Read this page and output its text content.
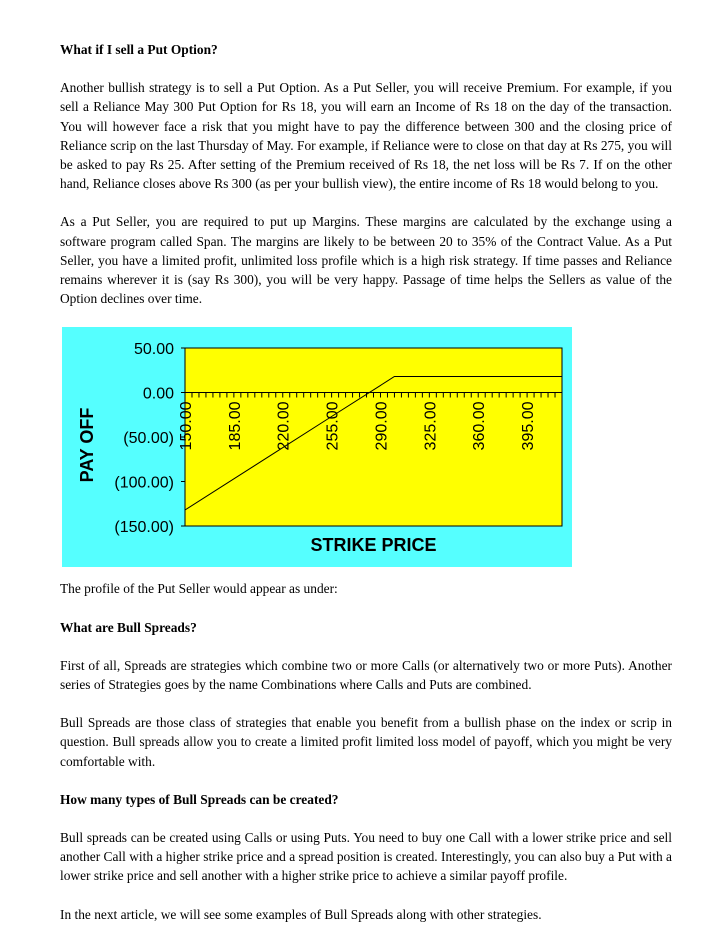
What if I sell a Put Option?

Another bullish strategy is to sell a Put Option. As a Put Seller, you will receive Premium. For example, if you sell a Reliance May 300 Put Option for Rs 18, you will earn an Income of Rs 18 on the day of the transaction. You will however face a risk that you might have to pay the difference between 300 and the closing price of Reliance scrip on the last Thursday of May. For example, if Reliance were to close on that day at Rs 275, you will be asked to pay Rs 25. After setting of the Premium received of Rs 18, the net loss will be Rs 7. If on the other hand, Reliance closes above Rs 300 (as per your bullish view), the entire income of Rs 18 would belong to you.

As a Put Seller, you are required to put up Margins. These margins are calculated by the exchange using a software program called Span. The margins are likely to be between 20 to 35% of the Contract Value. As a Put Seller, you have a limited profit, unlimited loss profile which is a high risk strategy. If time passes and Reliance remains wherever it is (say Rs 300), you will be very happy. Passage of time helps the Sellers as value of the Option declines over time.

50.00
0.00
(50.00)
(100.00)
(150.00)
150.00 185.00 220.00 255.00 290.00 325.00 360.00 395.00
PAY OFF
STRIKE PRICE

The profile of the Put Seller would appear as under:

What are Bull Spreads?

First of all, Spreads are strategies which combine two or more Calls (or alternatively two or more Puts). Another series of Strategies goes by the name Combinations where Calls and Puts are combined.

Bull Spreads are those class of strategies that enable you benefit from a bullish phase on the index or scrip in question. Bull spreads allow you to create a limited profit limited loss model of payoff, which you might be very comfortable with.

How many types of Bull Spreads can be created?

Bull spreads can be created using Calls or using Puts. You need to buy one Call with a lower strike price and sell another Call with a higher strike price and a spread position is created. Interestingly, you can also buy a Put with a lower strike price and sell another with a higher strike price to achieve a similar payoff profile.

In the next article, we will see some examples of Bull Spreads along with other strategies.
